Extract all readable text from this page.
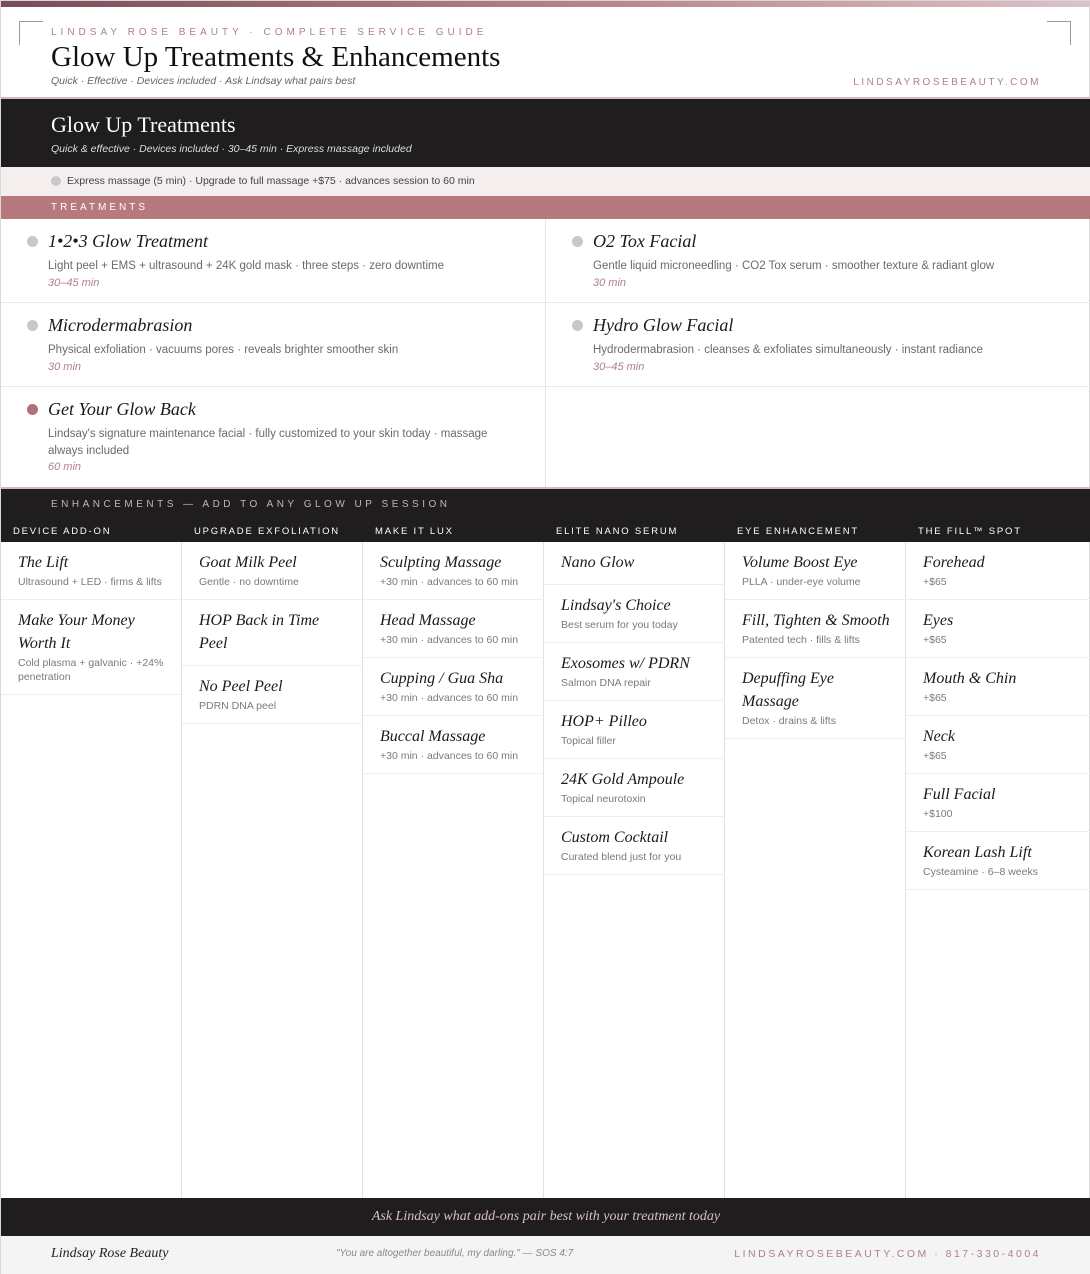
LINDSAY ROSE BEAUTY · COMPLETE SERVICE GUIDE
Glow Up Treatments & Enhancements
Quick · Effective · Devices included · Ask Lindsay what pairs best	LINDSAYROSEBEAUTY.COM
Glow Up Treatments
Quick & effective · Devices included · 30–45 min · Express massage included
Express massage (5 min) · Upgrade to full massage +$75 · advances session to 60 min
TREATMENTS
1•2•3 Glow Treatment
Light peel + EMS + ultrasound + 24K gold mask · three steps · zero downtime
30–45 min
O2 Tox Facial
Gentle liquid microneedling · CO2 Tox serum · smoother texture & radiant glow
30 min
Microdermabrasion
Physical exfoliation · vacuums pores · reveals brighter smoother skin
30 min
Hydro Glow Facial
Hydrodermabrasion · cleanses & exfoliates simultaneously · instant radiance
30–45 min
Get Your Glow Back
Lindsay's signature maintenance facial · fully customized to your skin today · massage always included
60 min
ENHANCEMENTS — ADD TO ANY GLOW UP SESSION
DEVICE ADD-ON
The Lift
Ultrasound + LED · firms & lifts
Make Your Money Worth It
Cold plasma + galvanic · +24% penetration
UPGRADE EXFOLIATION
Goat Milk Peel
Gentle · no downtime
HOP Back in Time Peel
No Peel Peel
PDRN DNA peel
MAKE IT LUX
Sculpting Massage
+30 min · advances to 60 min
Head Massage
+30 min · advances to 60 min
Cupping / Gua Sha
+30 min · advances to 60 min
Buccal Massage
+30 min · advances to 60 min
ELITE NANO SERUM
Nano Glow
Lindsay's Choice
Best serum for you today
Exosomes w/ PDRN
Salmon DNA repair
HOP+ Pilleo
Topical filler
24K Gold Ampoule
Topical neurotoxin
Custom Cocktail
Curated blend just for you
EYE ENHANCEMENT
Volume Boost Eye
PLLA · under-eye volume
Fill, Tighten & Smooth
Patented tech · fills & lifts
Depuffing Eye Massage
Detox · drains & lifts
THE FILL™ SPOT
Forehead
+$65
Eyes
+$65
Mouth & Chin
+$65
Neck
+$65
Full Facial
+$100
Korean Lash Lift
Cysteamine · 6–8 weeks
Ask Lindsay what add-ons pair best with your treatment today
Lindsay Rose Beauty	"You are altogether beautiful, my darling." — SOS 4:7	LINDSAYROSEBEAUTY.COM · 817-330-4004
